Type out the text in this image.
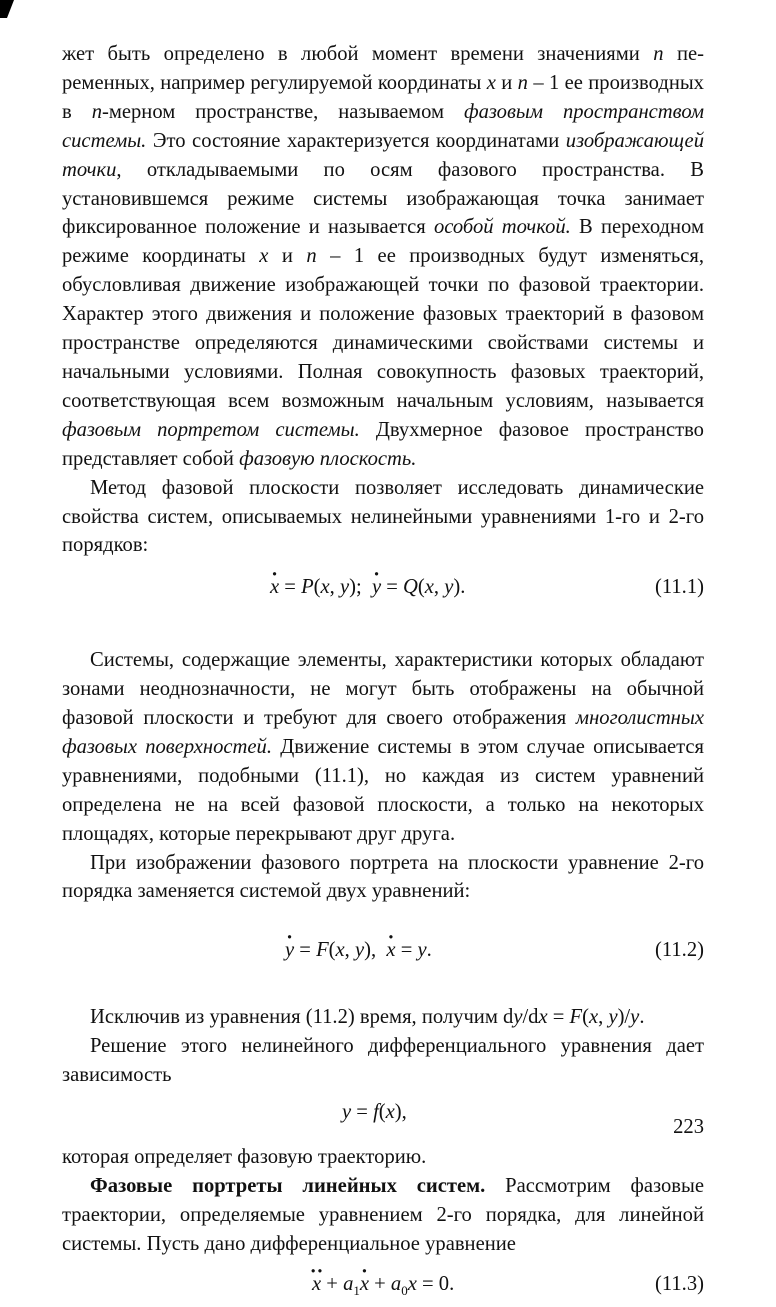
жет быть определено в любой момент времени значениями n переменных, например регулируемой координаты x и n – 1 ее производных в n-мерном пространстве, называемом фазовым пространством системы. Это состояние характеризуется координатами изображающей точки, откладываемыми по осям фазового пространства. В установившемся режиме системы изображающая точка занимает фиксированное положение и называется особой точкой. В переходном режиме координаты x и n – 1 ее производных будут изменяться, обусловливая движение изображающей точки по фазовой траектории. Характер этого движения и положение фазовых траекторий в фазовом пространстве определяются динамическими свойствами системы и начальными условиями. Полная совокупность фазовых траекторий, соответствующая всем возможным начальным условиям, называется фазовым портретом системы. Двухмерное фазовое пространство представляет собой фазовую плоскость.

Метод фазовой плоскости позволяет исследовать динамические свойства систем, описываемых нелинейными уравнениями 1-го и 2-го порядков:

x · = P(x, y);  y · = Q(x, y).	(11.1)

Системы, содержащие элементы, характеристики которых обладают зонами неоднозначности, не могут быть отображены на обычной фазовой плоскости и требуют для своего отображения многолистных фазовых поверхностей. Движение системы в этом случае описывается уравнениями, подобными (11.1), но каждая из систем уравнений определена не на всей фазовой плоскости, а только на некоторых площадях, которые перекрывают друг друга.

При изображении фазового портрета на плоскости уравнение 2-го порядка заменяется системой двух уравнений:

y · = F(x, y),  x · = y.	(11.2)

Исключив из уравнения (11.2) время, получим dy/dx = F(x, y)/y.

Решение этого нелинейного дифференциального уравнения дает зависимость

y = f(x),

которая определяет фазовую траекторию.

Фазовые портреты линейных систем. Рассмотрим фазовые траектории, определяемые уравнением 2-го порядка, для линейной системы. Пусть дано дифференциальное уравнение

x ·· + $a_1x$ · + $a_0x = 0$.	(11.3)
223
